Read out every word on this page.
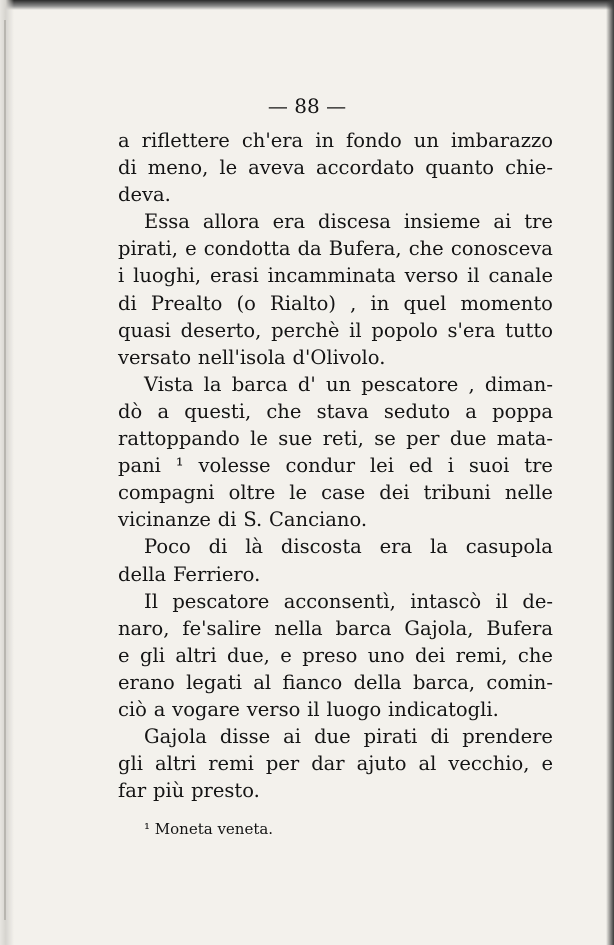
— 88 —
a riflettere ch'era in fondo un imbarazzo
di meno, le aveva accordato quanto chie-
deva.
Essa allora era discesa insieme ai tre
pirati, e condotta da Bufera, che conosceva
i luoghi, erasi incamminata verso il canale
di Prealto (o Rialto) , in quel momento
quasi deserto, perchè il popolo s'era tutto
versato nell'isola d'Olivolo.
Vista la barca d' un pescatore , diman-
dò a questi, che stava seduto a poppa
rattoppando le sue reti, se per due mata-
pani ¹ volesse condur lei ed i suoi tre
compagni oltre le case dei tribuni nelle
vicinanze di S. Canciano.
Poco di là discosta era la casupola
della Ferriero.
Il pescatore acconsentì, intascò il de-
naro, fe'salire nella barca Gajola, Bufera
e gli altri due, e preso uno dei remi, che
erano legati al fianco della barca, comin-
ciò a vogare verso il luogo indicatogli.
Gajola disse ai due pirati di prendere
gli altri remi per dar ajuto al vecchio, e
far più presto.
¹ Moneta veneta.
